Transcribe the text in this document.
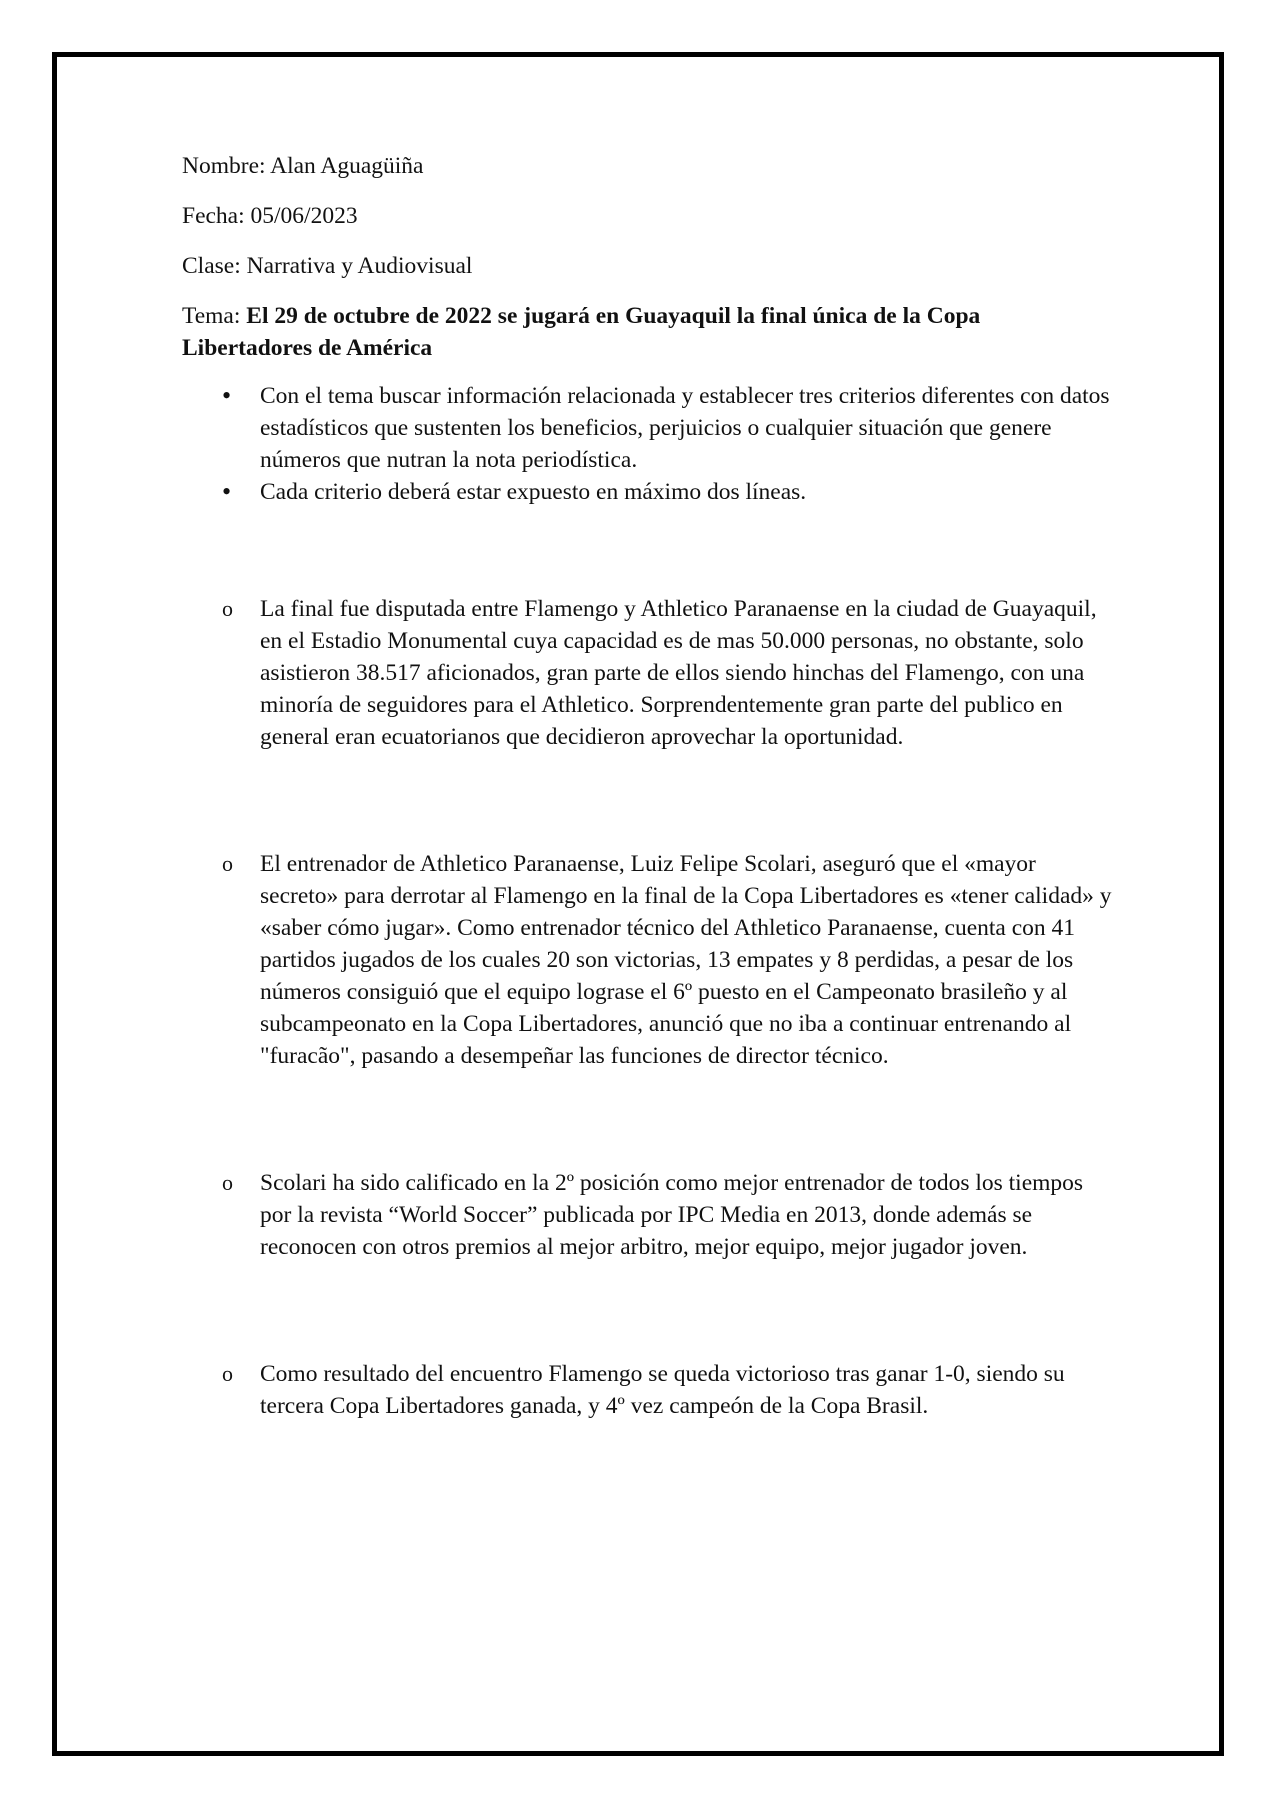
Nombre: Alan Aguagüiña

Fecha: 05/06/2023

Clase: Narrativa y Audiovisual

Tema: El 29 de octubre de 2022 se jugará en Guayaquil la final única de la Copa Libertadores de América

• Con el tema buscar información relacionada y establecer tres criterios diferentes con datos estadísticos que sustenten los beneficios, perjuicios o cualquier situación que genere números que nutran la nota periodística.
• Cada criterio deberá estar expuesto en máximo dos líneas.
o La final fue disputada entre Flamengo y Athletico Paranaense en la ciudad de Guayaquil, en el Estadio Monumental cuya capacidad es de mas 50.000 personas, no obstante, solo asistieron 38.517 aficionados, gran parte de ellos siendo hinchas del Flamengo, con una minoría de seguidores para el Athletico. Sorprendentemente gran parte del publico en general eran ecuatorianos que decidieron aprovechar la oportunidad.
o El entrenador de Athletico Paranaense, Luiz Felipe Scolari, aseguró que el «mayor secreto» para derrotar al Flamengo en la final de la Copa Libertadores es «tener calidad» y «saber cómo jugar». Como entrenador técnico del Athletico Paranaense, cuenta con 41 partidos jugados de los cuales 20 son victorias, 13 empates y 8 perdidas, a pesar de los números consiguió que el equipo lograse el 6º puesto en el Campeonato brasileño y al subcampeonato en la Copa Libertadores, anunció que no iba a continuar entrenando al "furacão", pasando a desempeñar las funciones de director técnico.
o Scolari ha sido calificado en la 2º posición como mejor entrenador de todos los tiempos por la revista “World Soccer” publicada por IPC Media en 2013, donde además se reconocen con otros premios al mejor arbitro, mejor equipo, mejor jugador joven.
o Como resultado del encuentro Flamengo se queda victorioso tras ganar 1-0, siendo su tercera Copa Libertadores ganada, y 4º vez campeón de la Copa Brasil.
